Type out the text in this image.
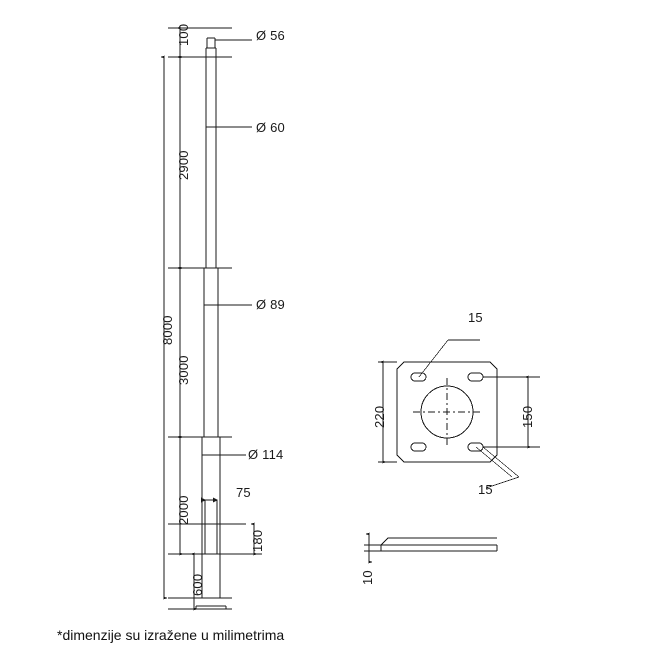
100
2900
8000
3000
2000
600
Ø 56
Ø 60
Ø 89
Ø 114
75
180
15
220	150
15
10
*dimenzije su izražene u milimetrima
